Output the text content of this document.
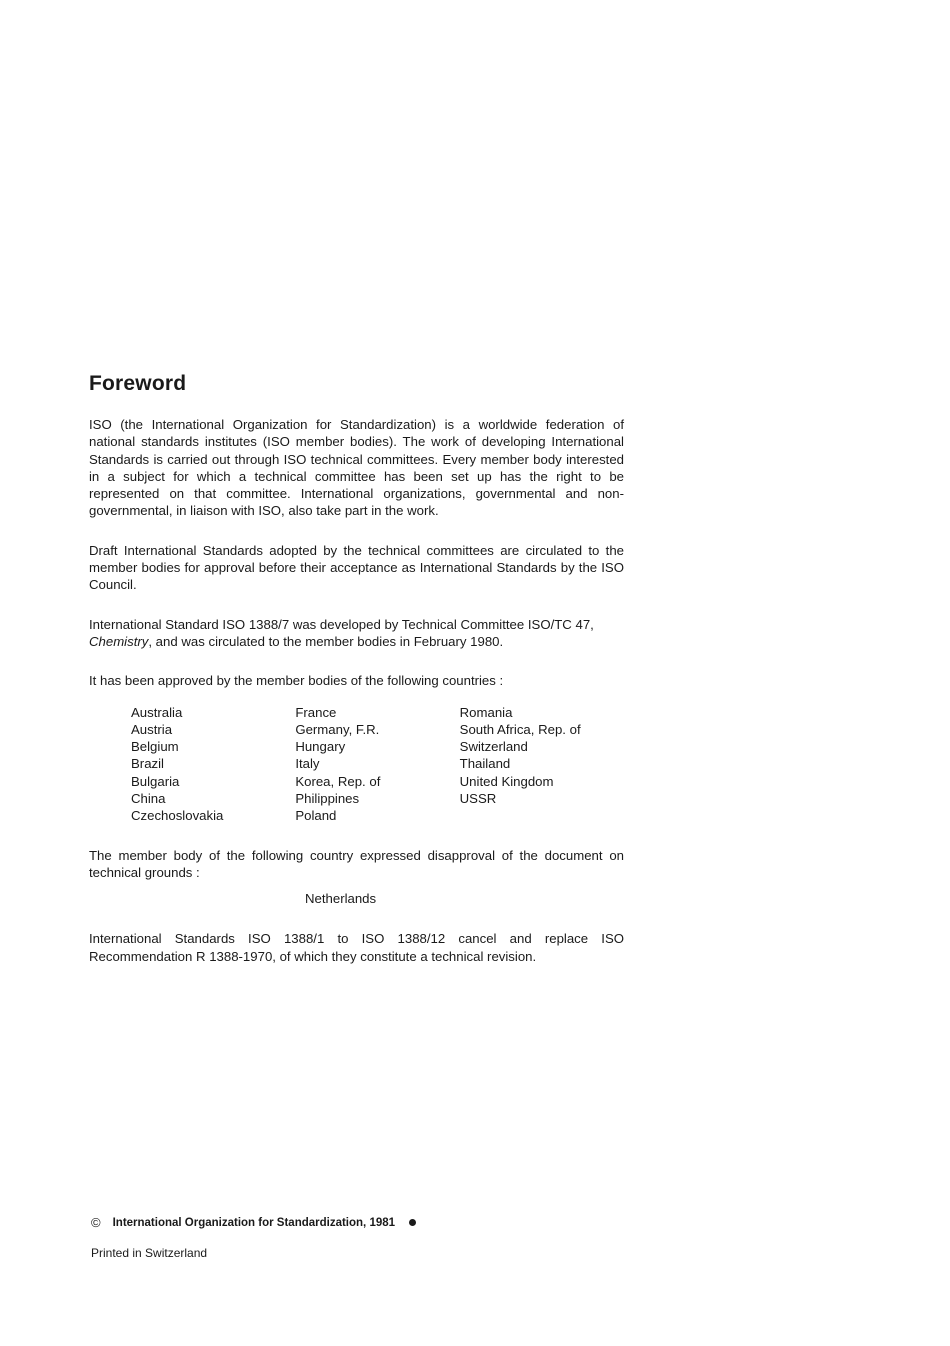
Foreword

ISO (the International Organization for Standardization) is a worldwide federation of national standards institutes (ISO member bodies). The work of developing International Standards is carried out through ISO technical committees. Every member body interested in a subject for which a technical committee has been set up has the right to be represented on that committee. International organizations, governmental and non-governmental, in liaison with ISO, also take part in the work.

Draft International Standards adopted by the technical committees are circulated to the member bodies for approval before their acceptance as International Standards by the ISO Council.

International Standard ISO 1388/7 was developed by Technical Committee ISO/TC 47,
Chemistry, and was circulated to the member bodies in February 1980.

It has been approved by the member bodies of the following countries :

Australia
Austria
Belgium
Brazil
Bulgaria
China
Czechoslovakia
France
Germany, F.R.
Hungary
Italy
Korea, Rep. of
Philippines
Poland
Romania
South Africa, Rep. of
Switzerland
Thailand
United Kingdom
USSR

The member body of the following country expressed disapproval of the document on technical grounds :

Netherlands

International Standards ISO 1388/1 to ISO 1388/12 cancel and replace ISO Recommendation R 1388-1970, of which they constitute a technical revision.

© International Organization for Standardization, 1981
Printed in Switzerland
